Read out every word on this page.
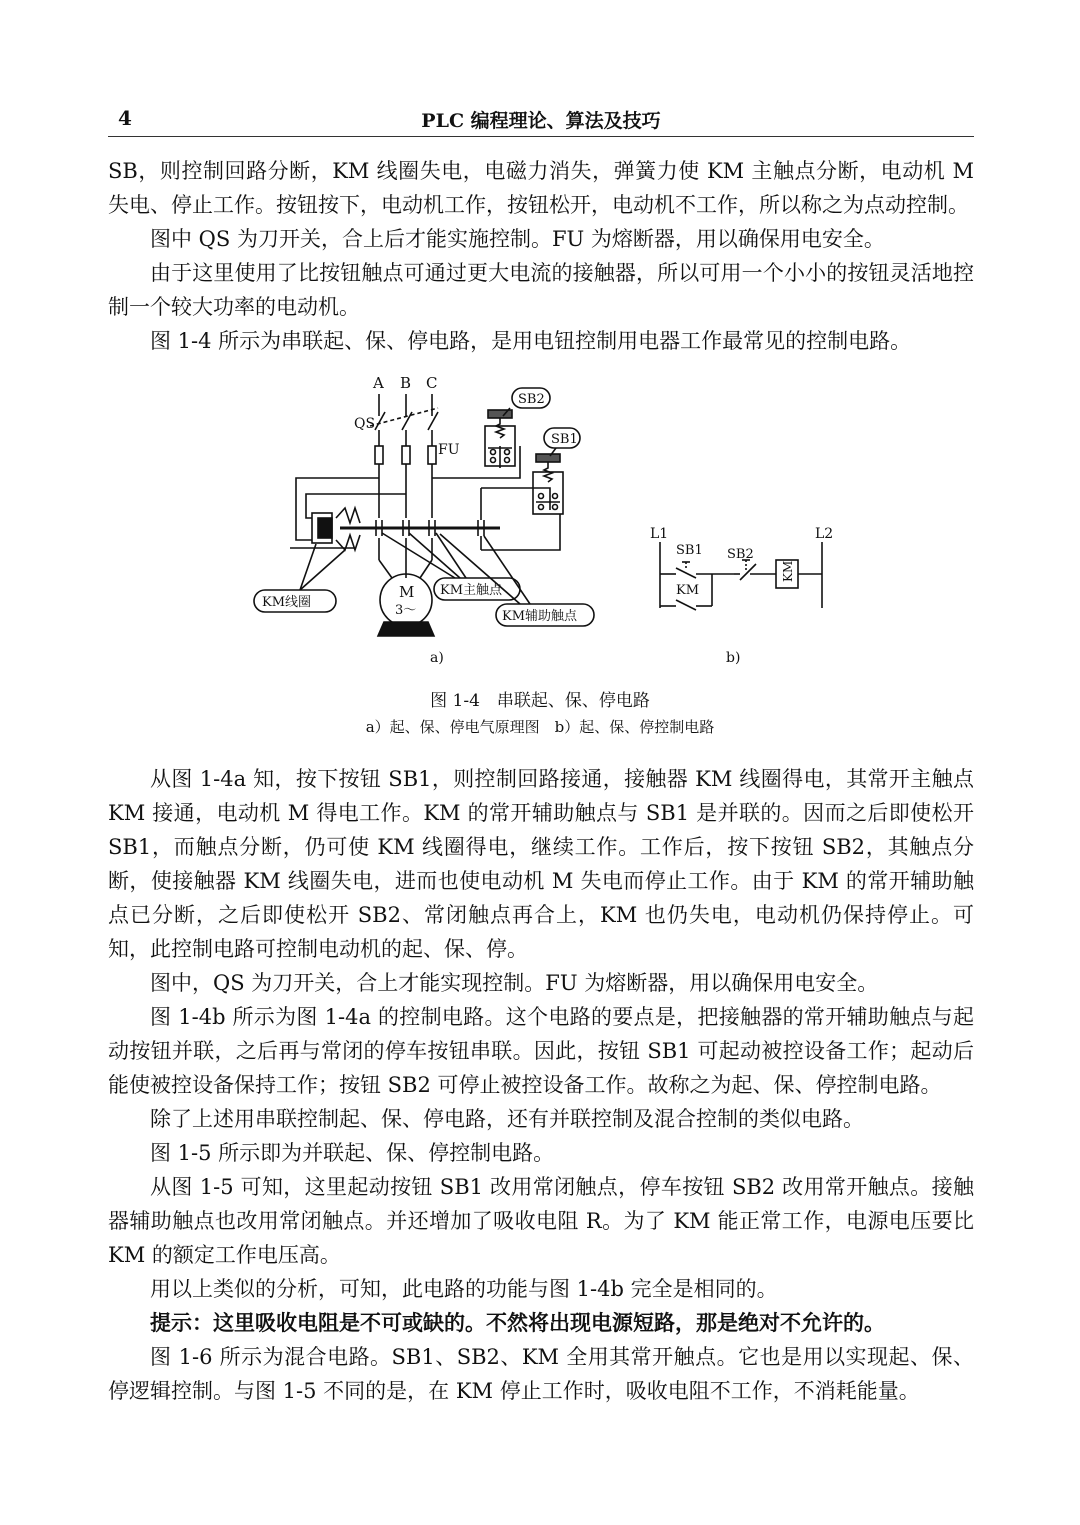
4	PLC 编程理论、算法及技巧

SB，则控制回路分断，KM 线圈失电，电磁力消失，弹簧力使 KM 主触点分断，电动机 M 失电、停止工作。按钮按下，电动机工作，按钮松开，电动机不工作，所以称之为点动控制。

图中 QS 为刀开关，合上后才能实施控制。FU 为熔断器，用以确保用电安全。

由于这里使用了比按钮触点可通过更大电流的接触器，所以可用一个小小的按钮灵活地控制一个较大功率的电动机。

图 1-4 所示为串联起、保、停电路，是用电钮控制用电器工作最常见的控制电路。

A B C
QS
FU
SB2
SB1
M
3～
KM线圈
KM主触点
KM辅助触点
a)
L1	L2
SB1 SB2
KM
KM
b)
图 1-4　串联起、保、停电路
a）起、保、停电气原理图　b）起、保、停控制电路

从图 1-4a 知，按下按钮 SB1，则控制回路接通，接触器 KM 线圈得电，其常开主触点 KM 接通，电动机 M 得电工作。KM 的常开辅助触点与 SB1 是并联的。因而之后即使松开 SB1，而触点分断，仍可使 KM 线圈得电，继续工作。工作后，按下按钮 SB2，其触点分断，使接触器 KM 线圈失电，进而也使电动机 M 失电而停止工作。由于 KM 的常开辅助触点已分断，之后即使松开 SB2、常闭触点再合上，KM 也仍失电，电动机仍保持停止。可知，此控制电路可控制电动机的起、保、停。

图中，QS 为刀开关，合上才能实现控制。FU 为熔断器，用以确保用电安全。

图 1-4b 所示为图 1-4a 的控制电路。这个电路的要点是，把接触器的常开辅助触点与起动按钮并联，之后再与常闭的停车按钮串联。因此，按钮 SB1 可起动被控设备工作；起动后能使被控设备保持工作；按钮 SB2 可停止被控设备工作。故称之为起、保、停控制电路。

除了上述用串联控制起、保、停电路，还有并联控制及混合控制的类似电路。

图 1-5 所示即为并联起、保、停控制电路。

从图 1-5 可知，这里起动按钮 SB1 改用常闭触点，停车按钮 SB2 改用常开触点。接触器辅助触点也改用常闭触点。并还增加了吸收电阻 R。为了 KM 能正常工作，电源电压要比 KM 的额定工作电压高。

用以上类似的分析，可知，此电路的功能与图 1-4b 完全是相同的。

提示：这里吸收电阻是不可或缺的。不然将出现电源短路，那是绝对不允许的。

图 1-6 所示为混合电路。SB1、SB2、KM 全用其常开触点。它也是用以实现起、保、停逻辑控制。与图 1-5 不同的是，在 KM 停止工作时，吸收电阻不工作，不消耗能量。
